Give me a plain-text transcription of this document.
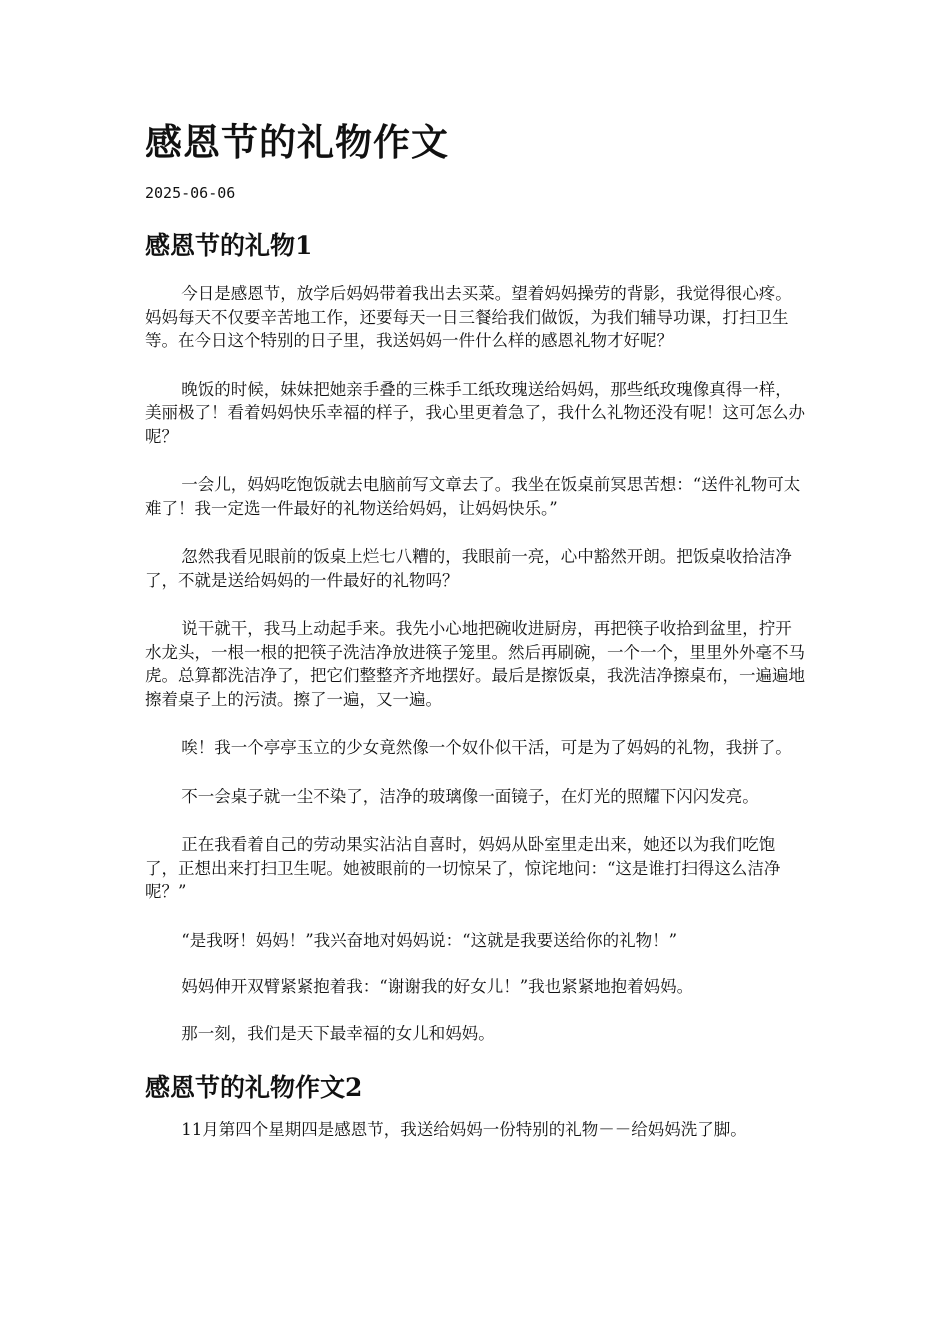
感恩节的礼物作文
2025-06-06
感恩节的礼物1

今日是感恩节，放学后妈妈带着我出去买菜。望着妈妈操劳的背影，我觉得很心疼。妈妈每天不仅要辛苦地工作，还要每天一日三餐给我们做饭，为我们辅导功课，打扫卫生等。在今日这个特别的日子里，我送妈妈一件什么样的感恩礼物才好呢？

晚饭的时候，妹妹把她亲手叠的三株手工纸玫瑰送给妈妈，那些纸玫瑰像真得一样，美丽极了！看着妈妈快乐幸福的样子，我心里更着急了，我什么礼物还没有呢！这可怎么办呢？

一会儿，妈妈吃饱饭就去电脑前写文章去了。我坐在饭桌前冥思苦想：“送件礼物可太难了！我一定选一件最好的礼物送给妈妈，让妈妈快乐。”

忽然我看见眼前的饭桌上烂七八糟的，我眼前一亮，心中豁然开朗。把饭桌收拾洁净了，不就是送给妈妈的一件最好的礼物吗？

说干就干，我马上动起手来。我先小心地把碗收进厨房，再把筷子收拾到盆里，拧开水龙头，一根一根的把筷子洗洁净放进筷子笼里。然后再刷碗，一个一个，里里外外毫不马虎。总算都洗洁净了，把它们整整齐齐地摆好。最后是擦饭桌，我洗洁净擦桌布，一遍遍地擦着桌子上的污渍。擦了一遍，又一遍。

唉！我一个亭亭玉立的少女竟然像一个奴仆似干活，可是为了妈妈的礼物，我拼了。

不一会桌子就一尘不染了，洁净的玻璃像一面镜子，在灯光的照耀下闪闪发亮。

正在我看着自己的劳动果实沾沾自喜时，妈妈从卧室里走出来，她还以为我们吃饱了，正想出来打扫卫生呢。她被眼前的一切惊呆了，惊诧地问：“这是谁打扫得这么洁净呢？”

“是我呀！妈妈！”我兴奋地对妈妈说：“这就是我要送给你的礼物！”

妈妈伸开双臂紧紧抱着我：“谢谢我的好女儿！”我也紧紧地抱着妈妈。

那一刻，我们是天下最幸福的女儿和妈妈。

感恩节的礼物作文2

11月第四个星期四是感恩节，我送给妈妈一份特别的礼物－－给妈妈洗了脚。
